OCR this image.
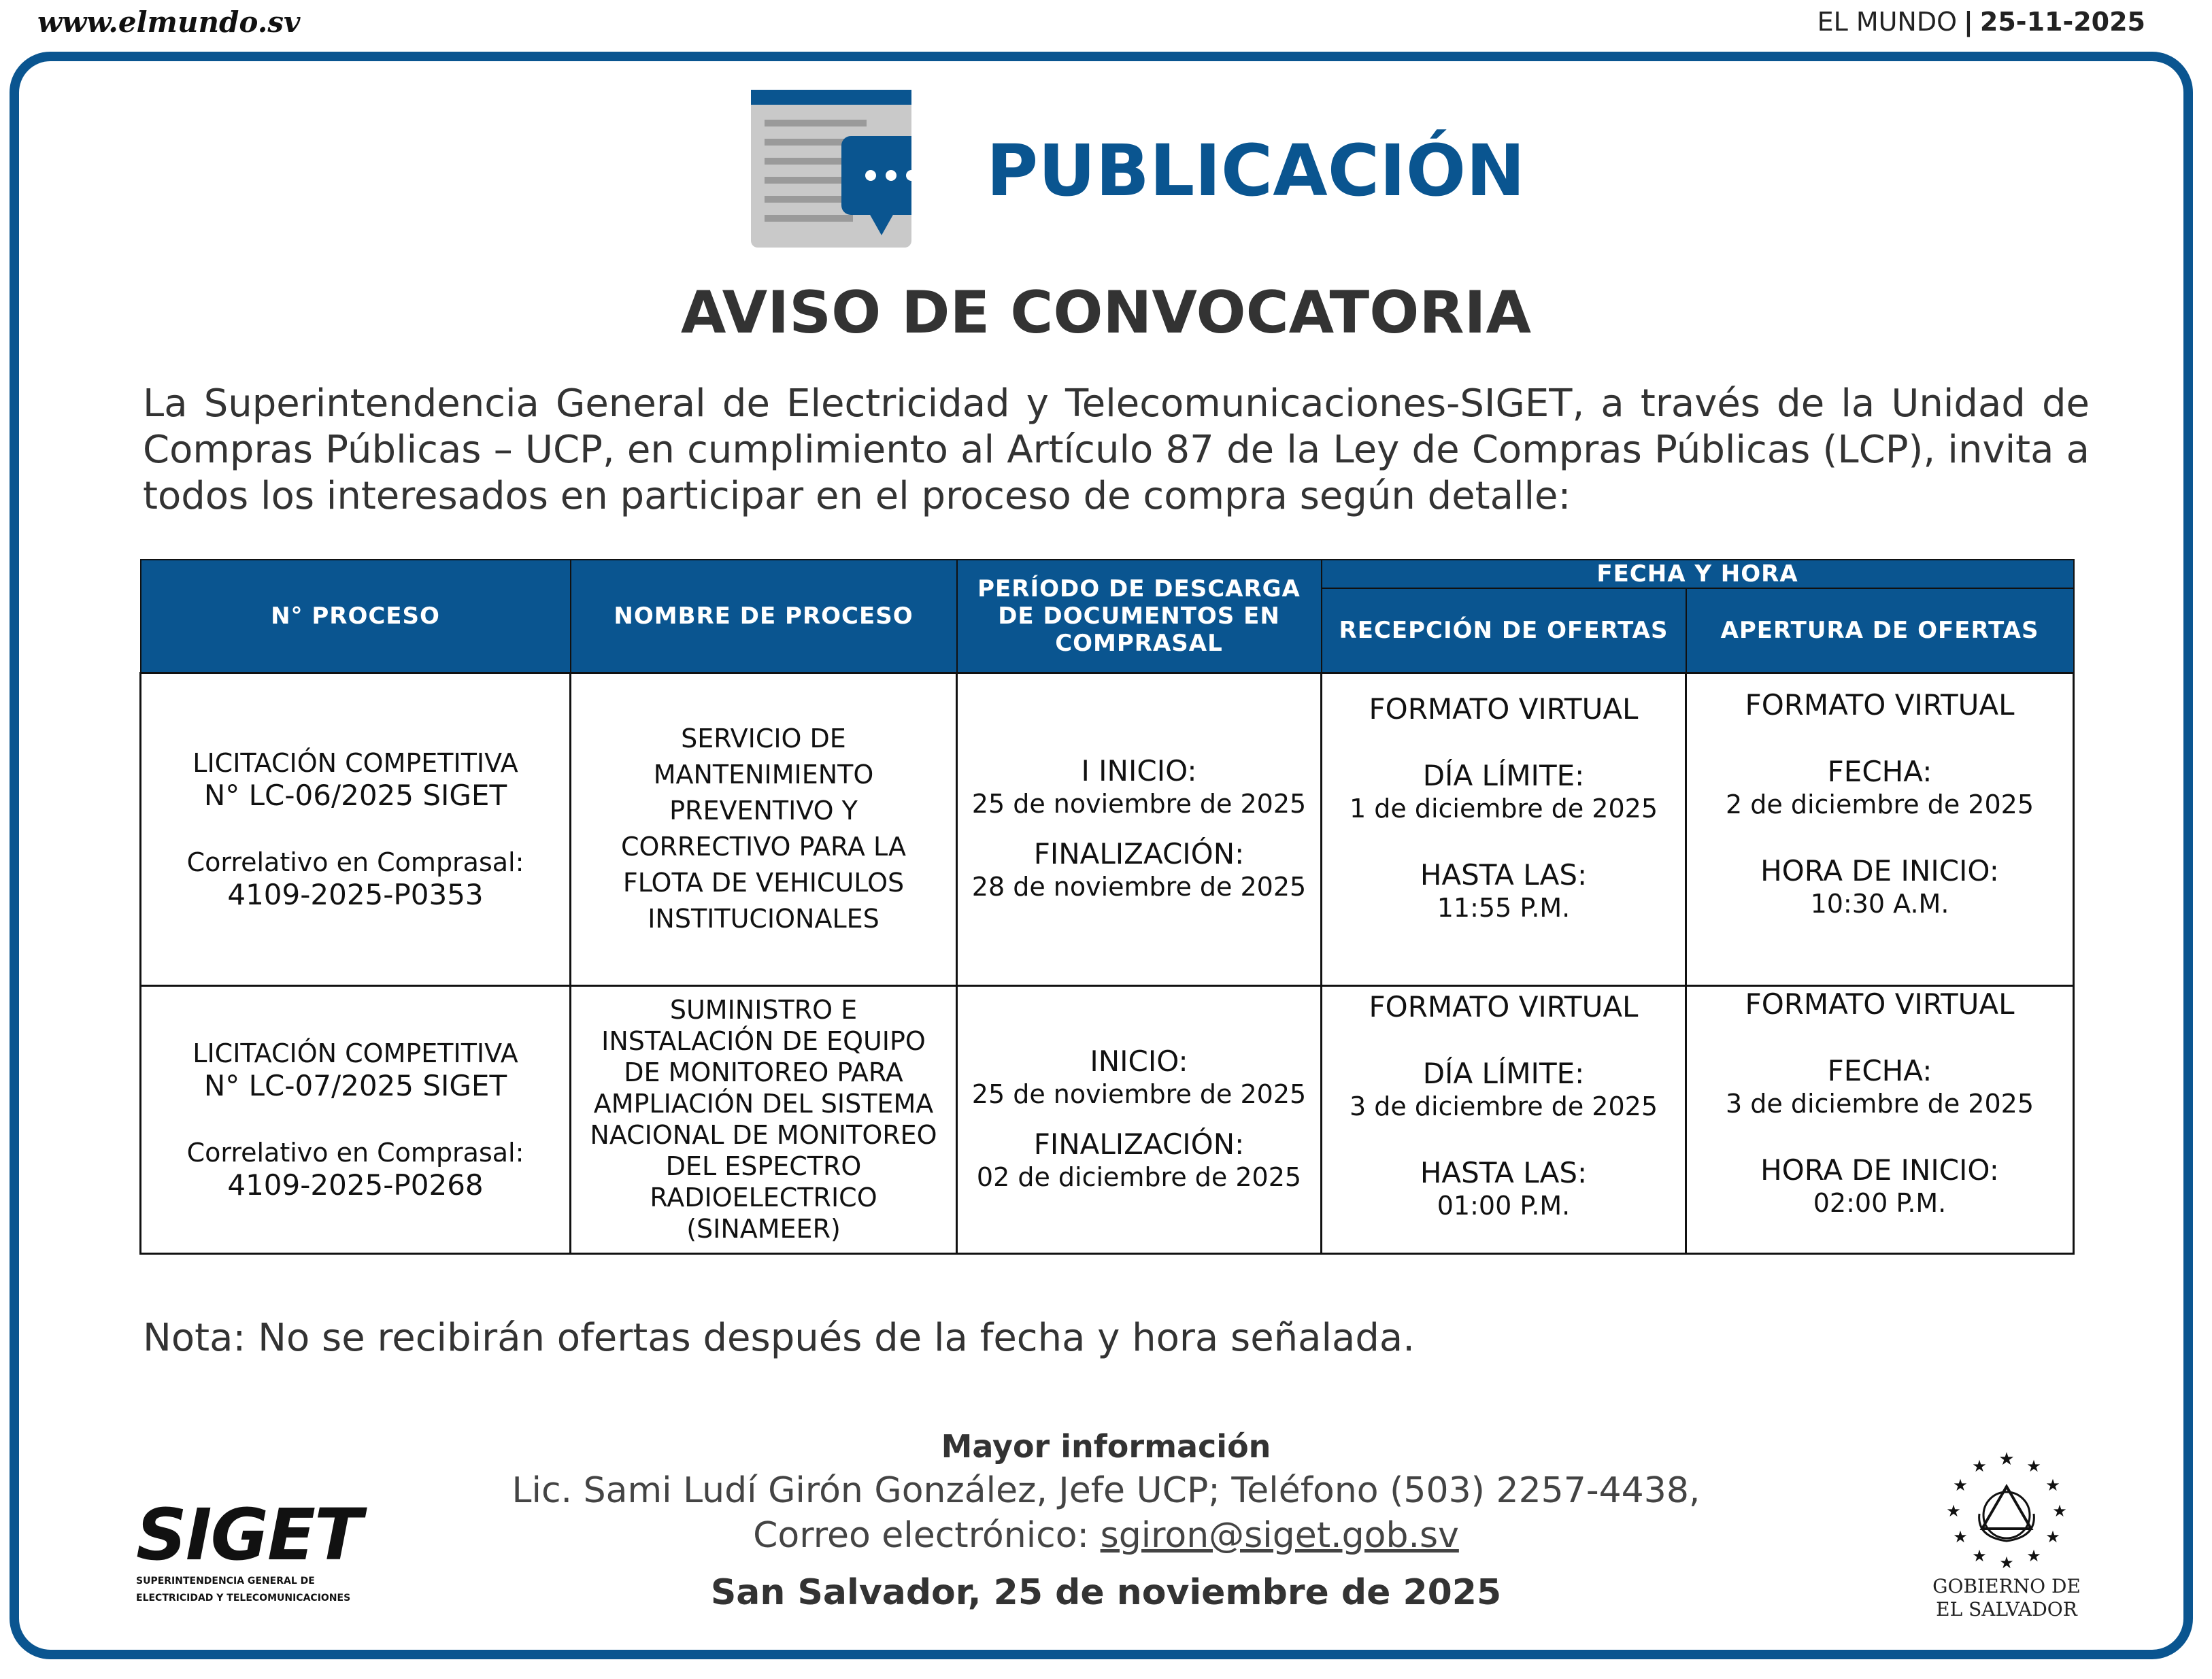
www.elmundo.sv	EL MUNDO | 25-11-2025
PUBLICACIÓN
AVISO DE CONVOCATORIA
La Superintendencia General de Electricidad y Telecomunicaciones-SIGET, a través de la Unidad de Compras Públicas – UCP, en cumplimiento al Artículo 87 de la Ley de Compras Públicas (LCP), invita a todos los interesados en participar en el proceso de compra según detalle:
N° PROCESO	NOMBRE DE PROCESO	PERÍODO DE DESCARGA DE DOCUMENTOS EN COMPRASAL	FECHA Y HORA	
			RECEPCIÓN DE OFERTAS	APERTURA DE OFERTAS

LICITACIÓN COMPETITIVA
N° LC-06/2025 SIGET
Correlativo en Comprasal:
4109-2025-P0353	SERVICIO DE MANTENIMIENTO PREVENTIVO Y CORRECTIVO PARA LA FLOTA DE VEHICULOS INSTITUCIONALES	I INICIO:
25 de noviembre de 2025
FINALIZACIÓN:
28 de noviembre de 2025	FORMATO VIRTUAL
DÍA LÍMITE:
1 de diciembre de 2025
HASTA LAS:
11:55 P.M.	FORMATO VIRTUAL
FECHA:
2 de diciembre de 2025
HORA DE INICIO:
10:30 A.M.

LICITACIÓN COMPETITIVA
N° LC-07/2025 SIGET
Correlativo en Comprasal:
4109-2025-P0268	SUMINISTRO E INSTALACIÓN DE EQUIPO DE MONITOREO PARA AMPLIACIÓN DEL SISTEMA NACIONAL DE MONITOREO DEL ESPECTRO RADIOELECTRICO (SINAMEER)	INICIO:
25 de noviembre de 2025
FINALIZACIÓN:
02 de diciembre de 2025	FORMATO VIRTUAL
DÍA LÍMITE:
3 de diciembre de 2025
HASTA LAS:
01:00 P.M.	FORMATO VIRTUAL
FECHA:
3 de diciembre de 2025
HORA DE INICIO:
02:00 P.M.
Nota: No se recibirán ofertas después de la fecha y hora señalada.
Mayor información
Lic. Sami Ludí Girón González, Jefe UCP; Teléfono (503) 2257-4438,
Correo electrónico: sgiron@siget.gob.sv
San Salvador, 25 de noviembre de 2025
SIGET
SUPERINTENDENCIA GENERAL DE
ELECTRICIDAD Y TELECOMUNICACIONES
★ ★
★
★
★
★
★
★
★
★
★
★
GOBIERNO DE
EL SALVADOR
